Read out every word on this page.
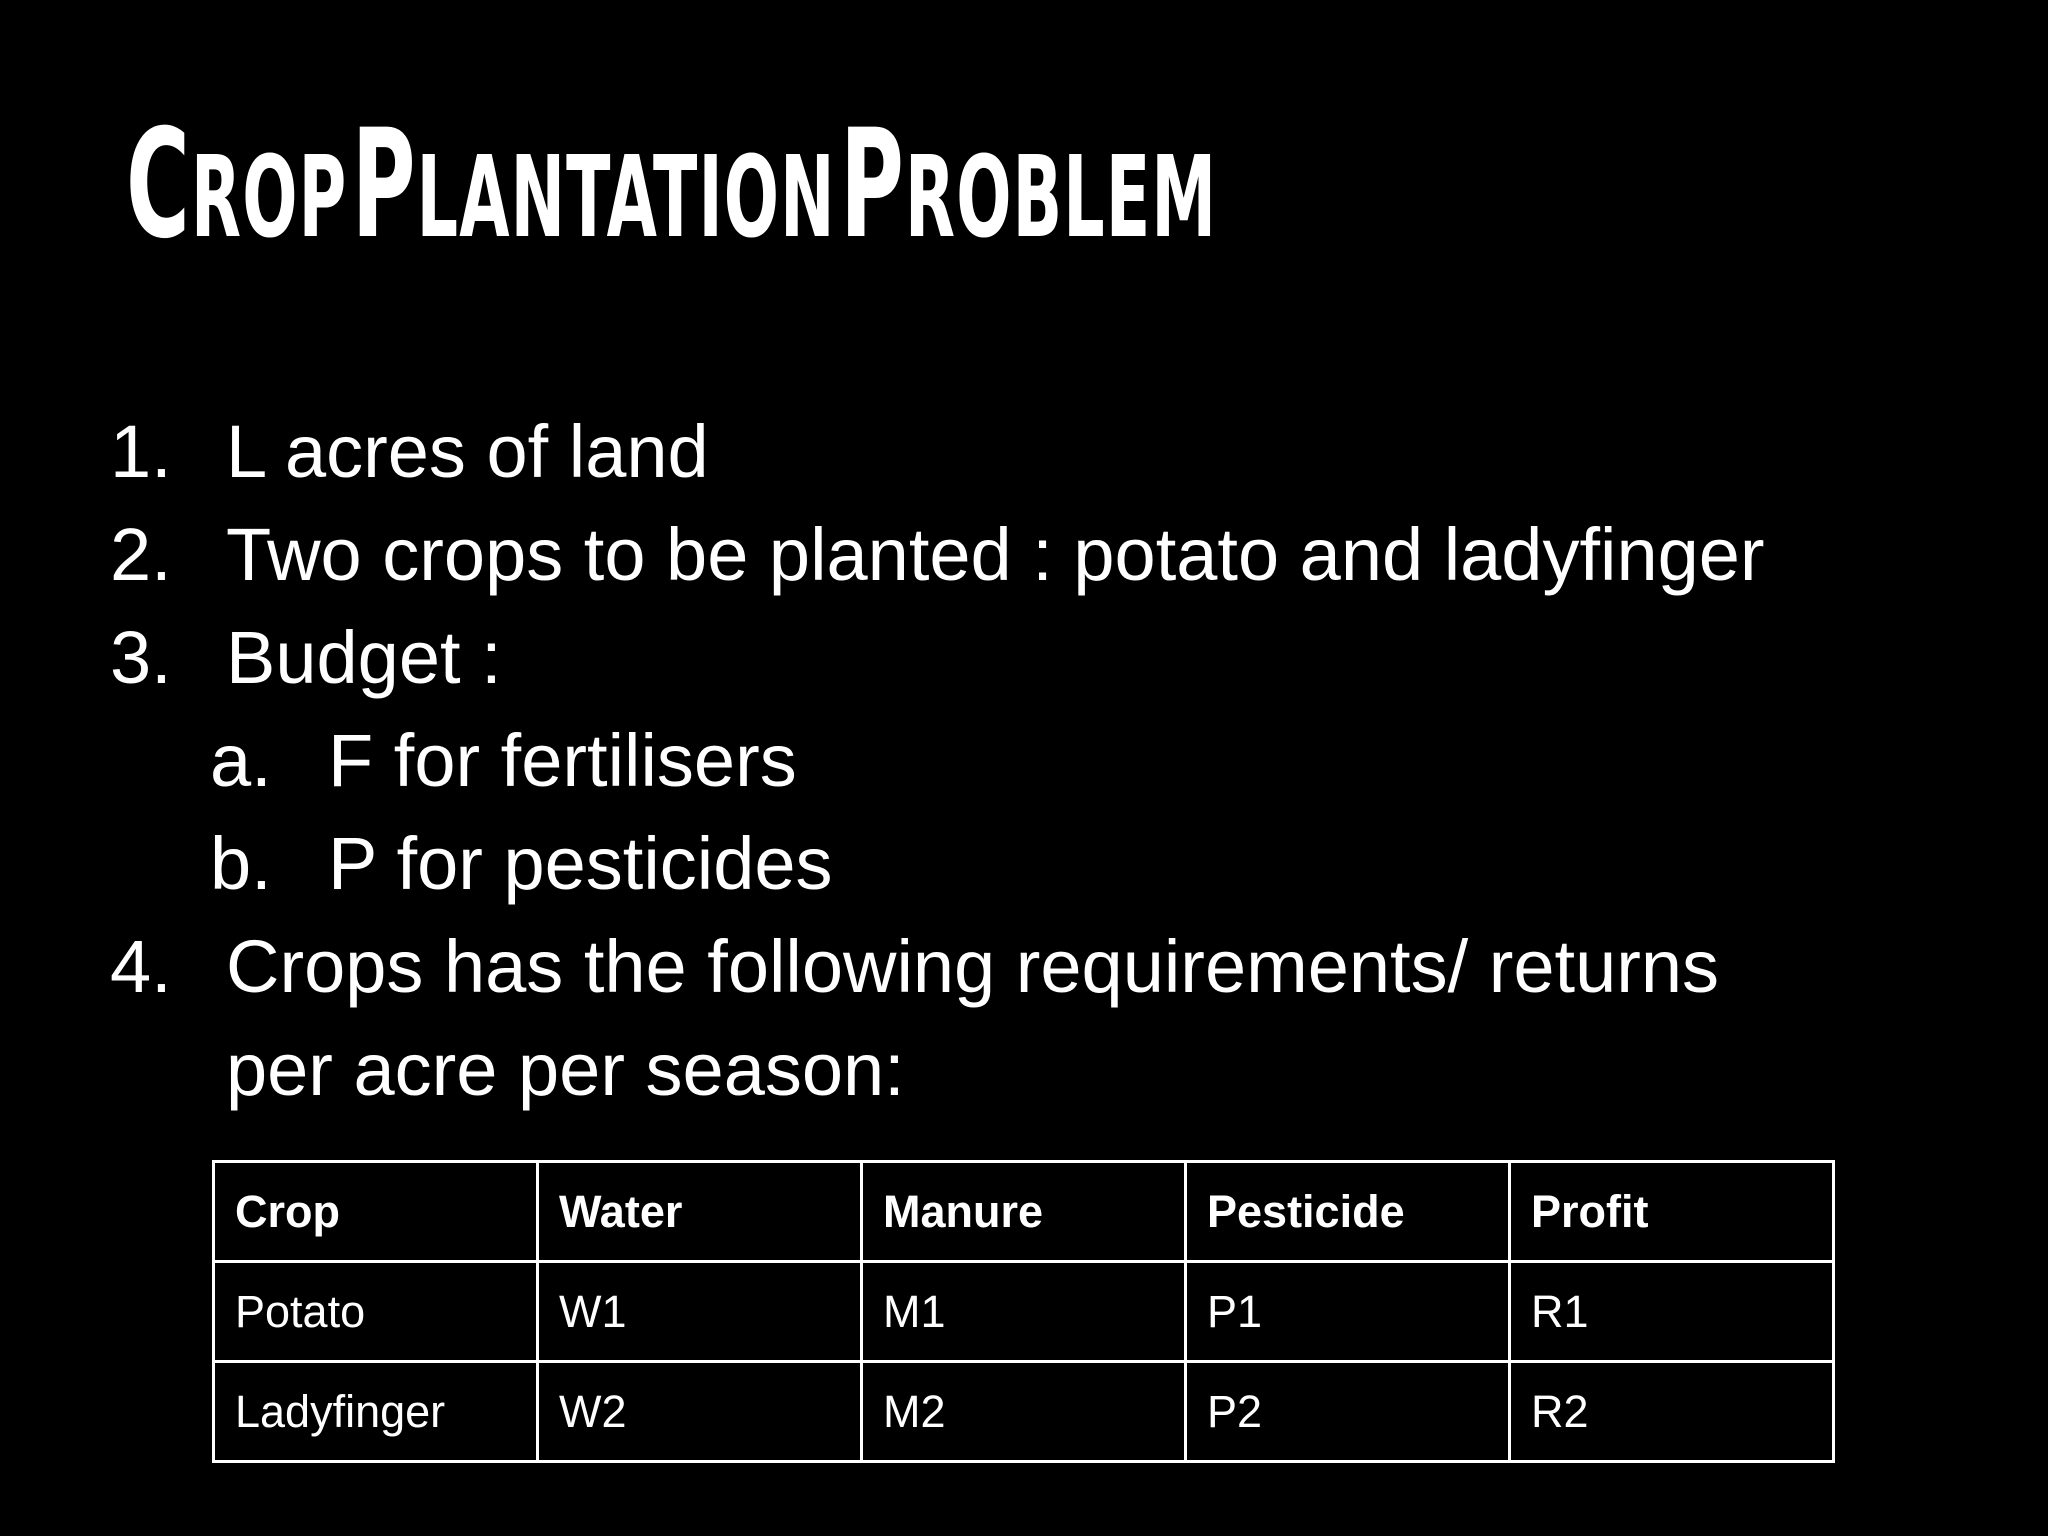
CROP PLANTATION PROBLEM
1. L acres of land
2. Two crops to be planted : potato and ladyfinger
3. Budget :
a. F for fertilisers
b. P for pesticides
4. Crops has the following requirements/ returns
per acre per season:
Crop	Water	Manure	Pesticide	Profit
Potato	W1	M1	P1	R1
Ladyfinger	W2	M2	P2	R2
